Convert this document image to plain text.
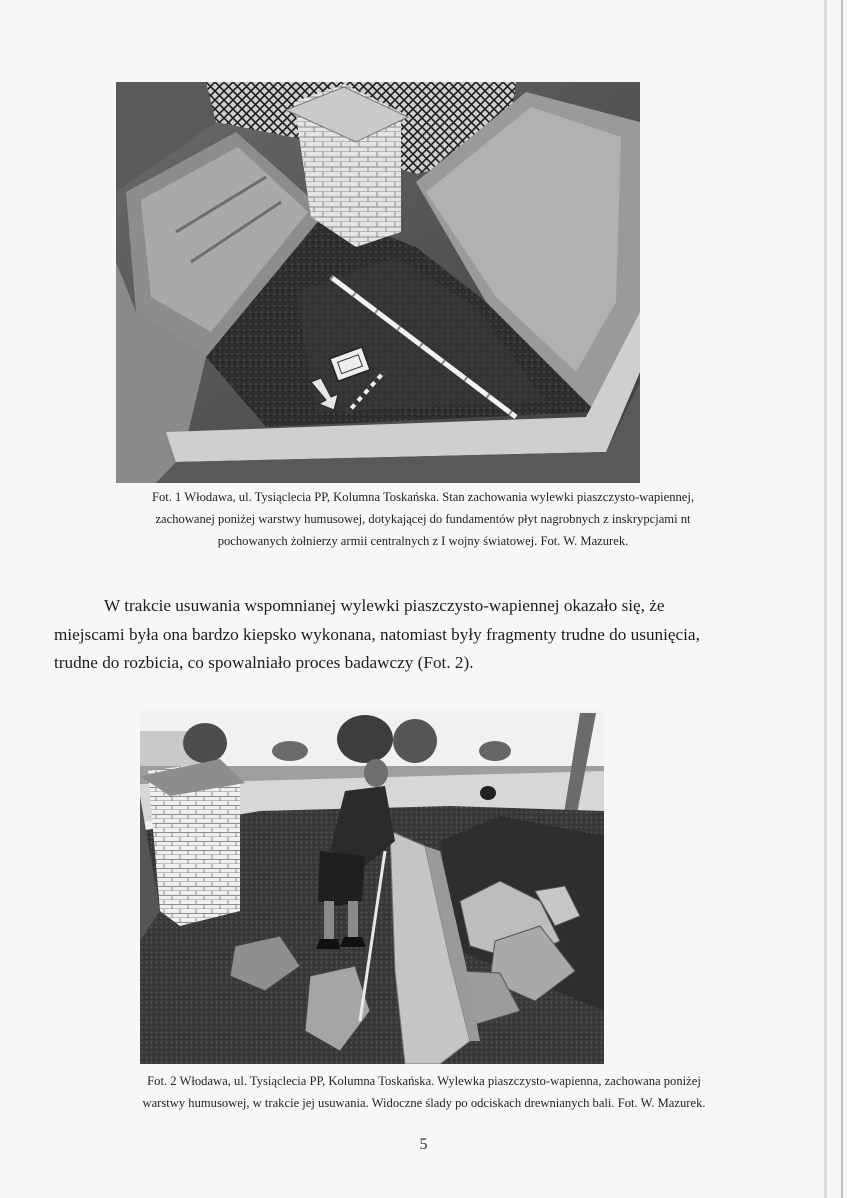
Fot. 1 Włodawa, ul. Tysiąclecia PP, Kolumna Toskańska. Stan zachowania wylewki piaszczysto-wapiennej,
zachowanej poniżej warstwy humusowej, dotykającej do fundamentów płyt nagrobnych z inskrypcjami nt
pochowanych żołnierzy armii centralnych z I wojny światowej. Fot. W. Mazurek.
W trakcie usuwania wspomnianej wylewki piaszczysto-wapiennej okazało się, że
miejscami była ona bardzo kiepsko wykonana, natomiast były fragmenty trudne do usunięcia,
trudne do rozbicia, co spowalniało proces badawczy (Fot. 2).
Fot. 2 Włodawa, ul. Tysiąclecia PP, Kolumna Toskańska. Wylewka piaszczysto-wapienna, zachowana poniżej
warstwy humusowej, w trakcie jej usuwania. Widoczne ślady po odciskach drewnianych bali. Fot. W. Mazurek.
5
